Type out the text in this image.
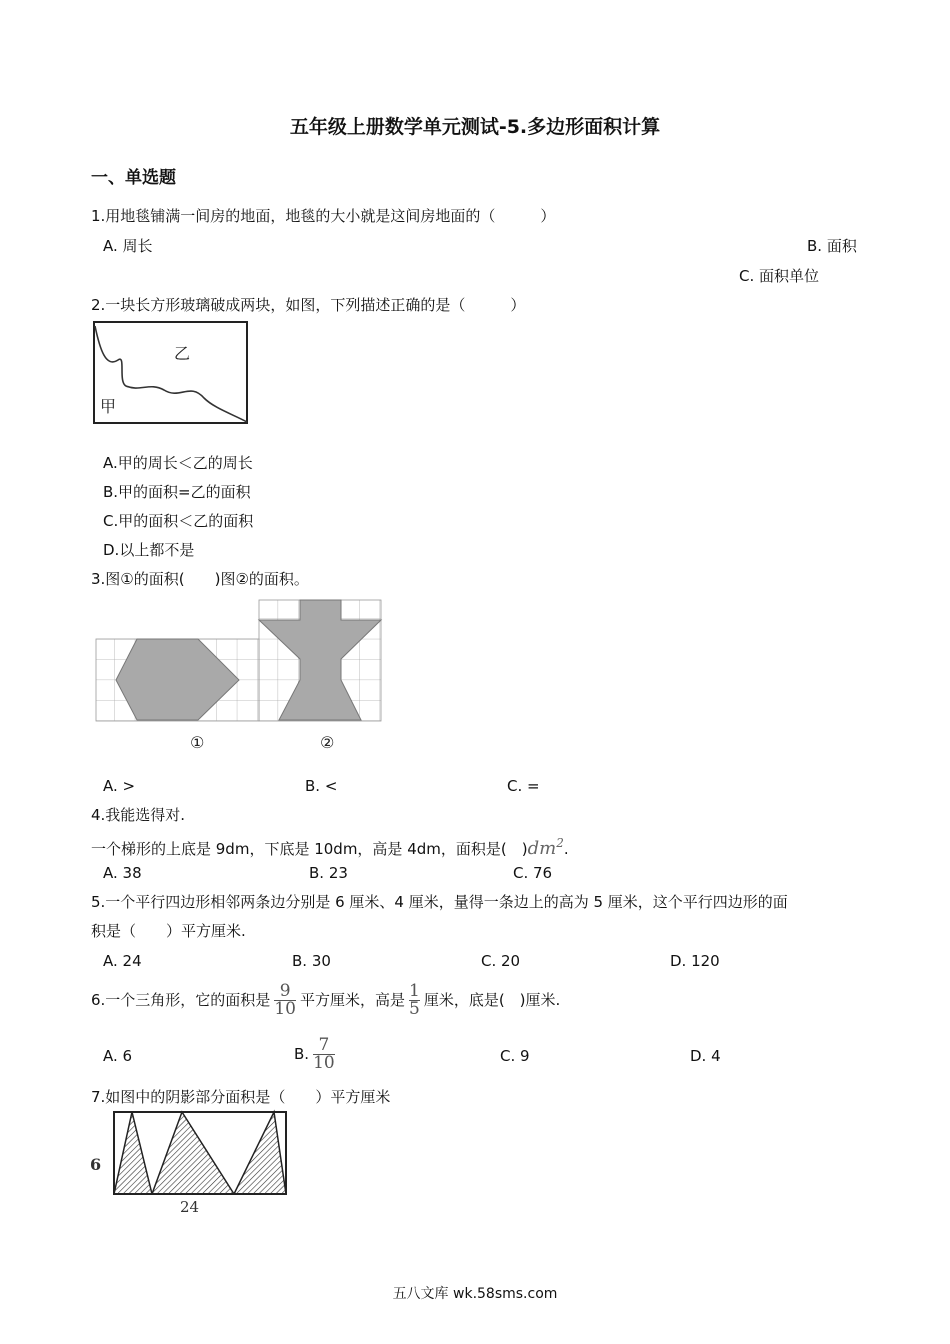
五年级上册数学单元测试-5.多边形面积计算
一、单选题
1.用地毯铺满一间房的地面，地毯的大小就是这间房地面的（　　　）
A. 周长	B. 面积
C. 面积单位
2.一块长方形玻璃破成两块，如图，下列描述正确的是（　　　）
乙
甲
A.甲的周长＜乙的周长
B.甲的面积=乙的面积
C.甲的面积＜乙的面积
D.以上都不是
3.图①的面积(　　)图②的面积。
①	②
A. >	B. <	C. =
4.我能选得对.
一个梯形的上底是 9dm，下底是 10dm，高是 4dm，面积是(　)$dm^2$.
A. 38	B. 23	C. 76
5.一个平行四边形相邻两条边分别是 6 厘米、4 厘米，量得一条边上的高为 5 厘米，这个平行四边形的面
积是（　　）平方厘米.
A. 24	B. 30	C. 20	D. 120
6.一个三角形，它的面积是 $\frac{9}{10}$ 平方厘米，高是 $\frac{1}{5}$ 厘米，底是(　)厘米.
A. 6	B. $\frac{7}{10}$	C. 9	D. 4
7.如图中的阴影部分面积是（　　）平方厘米
6
24
五八文库 wk.58sms.com
